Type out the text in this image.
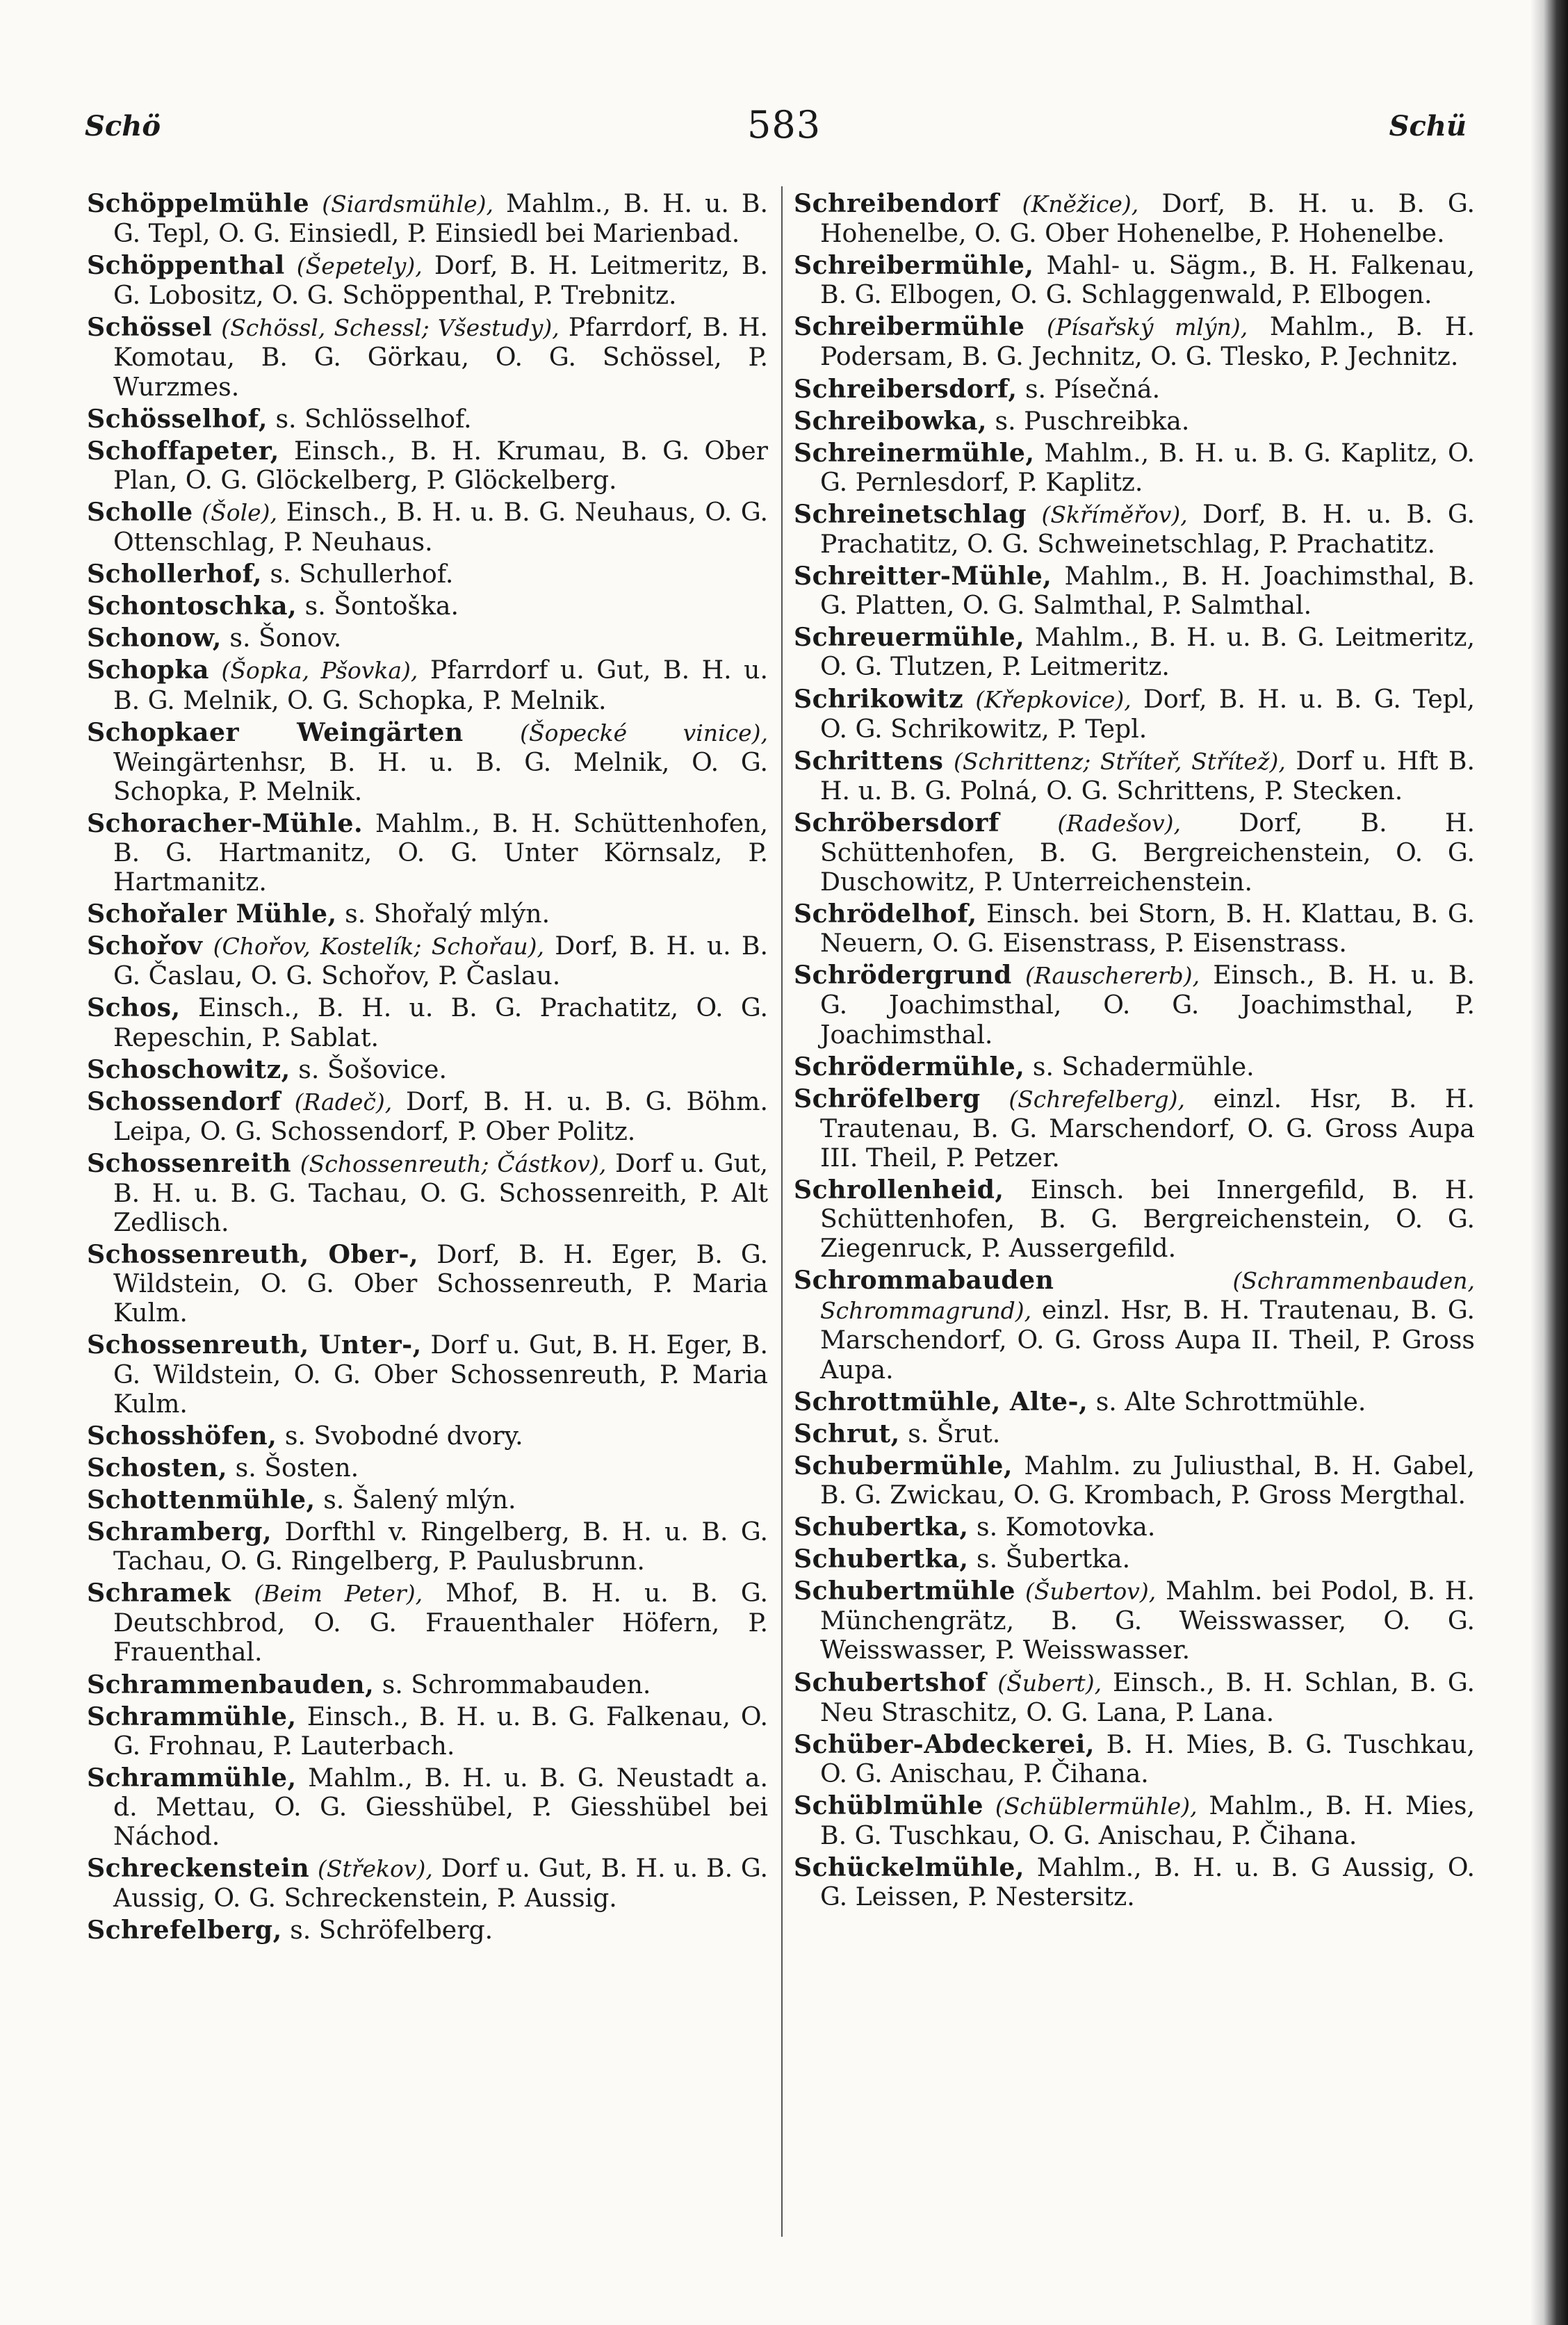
Schö	583	Schü

Schöppelmühle (Siardsmühle), Mahlm., B. H. u. B. G. Tepl, O. G. Einsiedl, P. Einsiedl bei Marienbad.

Schöppenthal (Šepetely), Dorf, B. H. Leitmeritz, B. G. Lobositz, O. G. Schöppenthal, P. Trebnitz.

Schössel (Schössl, Schessl; Všestudy), Pfarrdorf, B. H. Komotau, B. G. Görkau, O. G. Schössel, P. Wurzmes.

Schösselhof, s. Schlösselhof.

Schoffapeter, Einsch., B. H. Krumau, B. G. Ober Plan, O. G. Glöckelberg, P. Glöckelberg.

Scholle (Šole), Einsch., B. H. u. B. G. Neuhaus, O. G. Ottenschlag, P. Neuhaus.

Schollerhof, s. Schullerhof.

Schontoschka, s. Šontoška.

Schonow, s. Šonov.

Schopka (Šopka, Pšovka), Pfarrdorf u. Gut, B. H. u. B. G. Melnik, O. G. Schopka, P. Melnik.

Schopkaer Weingärten (Šopecké vinice), Weingärtenhsr, B. H. u. B. G. Melnik, O. G. Schopka, P. Melnik.

Schoracher-Mühle. Mahlm., B. H. Schüttenhofen, B. G. Hartmanitz, O. G. Unter Körnsalz, P. Hartmanitz.

Schořaler Mühle, s. Shořalý mlýn.

Schořov (Chořov, Kostelík; Schořau), Dorf, B. H. u. B. G. Časlau, O. G. Schořov, P. Časlau.

Schos, Einsch., B. H. u. B. G. Prachatitz, O. G. Repeschin, P. Sablat.

Schoschowitz, s. Šošovice.

Schossendorf (Radeč), Dorf, B. H. u. B. G. Böhm. Leipa, O. G. Schossendorf, P. Ober Politz.

Schossenreith (Schossenreuth; Částkov), Dorf u. Gut, B. H. u. B. G. Tachau, O. G. Schossenreith, P. Alt Zedlisch.

Schossenreuth, Ober-, Dorf, B. H. Eger, B. G. Wildstein, O. G. Ober Schossenreuth, P. Maria Kulm.

Schossenreuth, Unter-, Dorf u. Gut, B. H. Eger, B. G. Wildstein, O. G. Ober Schossenreuth, P. Maria Kulm.

Schosshöfen, s. Svobodné dvory.

Schosten, s. Šosten.

Schottenmühle, s. Šalený mlýn.

Schramberg, Dorfthl v. Ringelberg, B. H. u. B. G. Tachau, O. G. Ringelberg, P. Paulusbrunn.

Schramek (Beim Peter), Mhof, B. H. u. B. G. Deutschbrod, O. G. Frauenthaler Höfern, P. Frauenthal.

Schrammenbauden, s. Schrommabauden.

Schrammühle, Einsch., B. H. u. B. G. Falkenau, O. G. Frohnau, P. Lauterbach.

Schrammühle, Mahlm., B. H. u. B. G. Neustadt a. d. Mettau, O. G. Giesshübel, P. Giesshübel bei Náchod.

Schreckenstein (Střekov), Dorf u. Gut, B. H. u. B. G. Aussig, O. G. Schreckenstein, P. Aussig.

Schrefelberg, s. Schröfelberg.

Schreibendorf (Kněžice), Dorf, B. H. u. B. G. Hohenelbe, O. G. Ober Hohenelbe, P. Hohenelbe.

Schreibermühle, Mahl- u. Sägm., B. H. Falkenau, B. G. Elbogen, O. G. Schlaggenwald, P. Elbogen.

Schreibermühle (Písařský mlýn), Mahlm., B. H. Podersam, B. G. Jechnitz, O. G. Tlesko, P. Jechnitz.

Schreibersdorf, s. Písečná.

Schreibowka, s. Puschreibka.

Schreinermühle, Mahlm., B. H. u. B. G. Kaplitz, O. G. Pernlesdorf, P. Kaplitz.

Schreinetschlag (Skříměřov), Dorf, B. H. u. B. G. Prachatitz, O. G. Schweinetschlag, P. Prachatitz.

Schreitter-Mühle, Mahlm., B. H. Joachimsthal, B. G. Platten, O. G. Salmthal, P. Salmthal.

Schreuermühle, Mahlm., B. H. u. B. G. Leitmeritz, O. G. Tlutzen, P. Leitmeritz.

Schrikowitz (Křepkovice), Dorf, B. H. u. B. G. Tepl, O. G. Schrikowitz, P. Tepl.

Schrittens (Schrittenz; Stříteř, Střítež), Dorf u. Hft B. H. u. B. G. Polná, O. G. Schrittens, P. Stecken.

Schröbersdorf	(Radešov), Dorf, B. H. Schüttenhofen, B. G. Bergreichenstein, O. G. Duschowitz, P. Unterreichenstein.

Schrödelhof, Einsch. bei Storn, B. H. Klattau, B. G. Neuern, O. G. Eisenstrass, P. Eisenstrass.

Schrödergrund (Rauschererb), Einsch., B. H. u. B. G. Joachimsthal, O. G. Joachimsthal, P. Joachimsthal.

Schrödermühle, s. Schadermühle.

Schröfelberg (Schrefelberg), einzl. Hsr, B. H. Trautenau, B. G. Marschendorf, O. G. Gross Aupa III. Theil, P. Petzer.

Schrollenheid, Einsch. bei Innergefild, B. H. Schüttenhofen, B. G. Bergreichenstein, O. G. Ziegenruck, P. Aussergefild.

Schrommabauden	(Schrammenbauden, Schrommagrund), einzl. Hsr, B. H. Trautenau, B. G. Marschendorf, O. G. Gross Aupa II. Theil, P. Gross Aupa.

Schrottmühle, Alte-, s. Alte Schrottmühle.

Schrut, s. Šrut.

Schubermühle, Mahlm. zu Juliusthal, B. H. Gabel, B. G. Zwickau, O. G. Krombach, P. Gross Mergthal.

Schubertka, s. Komotovka.

Schubertka, s. Šubertka.

Schubertmühle (Šubertov), Mahlm. bei Podol, B. H. Münchengrätz, B. G. Weisswasser, O. G. Weisswasser, P. Weisswasser.

Schubertshof (Šubert), Einsch., B. H. Schlan, B. G. Neu Straschitz, O. G. Lana, P. Lana.

Schüber-Abdeckerei, B. H. Mies, B. G. Tuschkau, O. G. Anischau, P. Čihana.

Schüblmühle (Schüblermühle), Mahlm., B. H. Mies, B. G. Tuschkau, O. G. Anischau, P. Čihana.

Schückelmühle, Mahlm., B. H. u. B. G Aussig, O. G. Leissen, P. Nestersitz.
